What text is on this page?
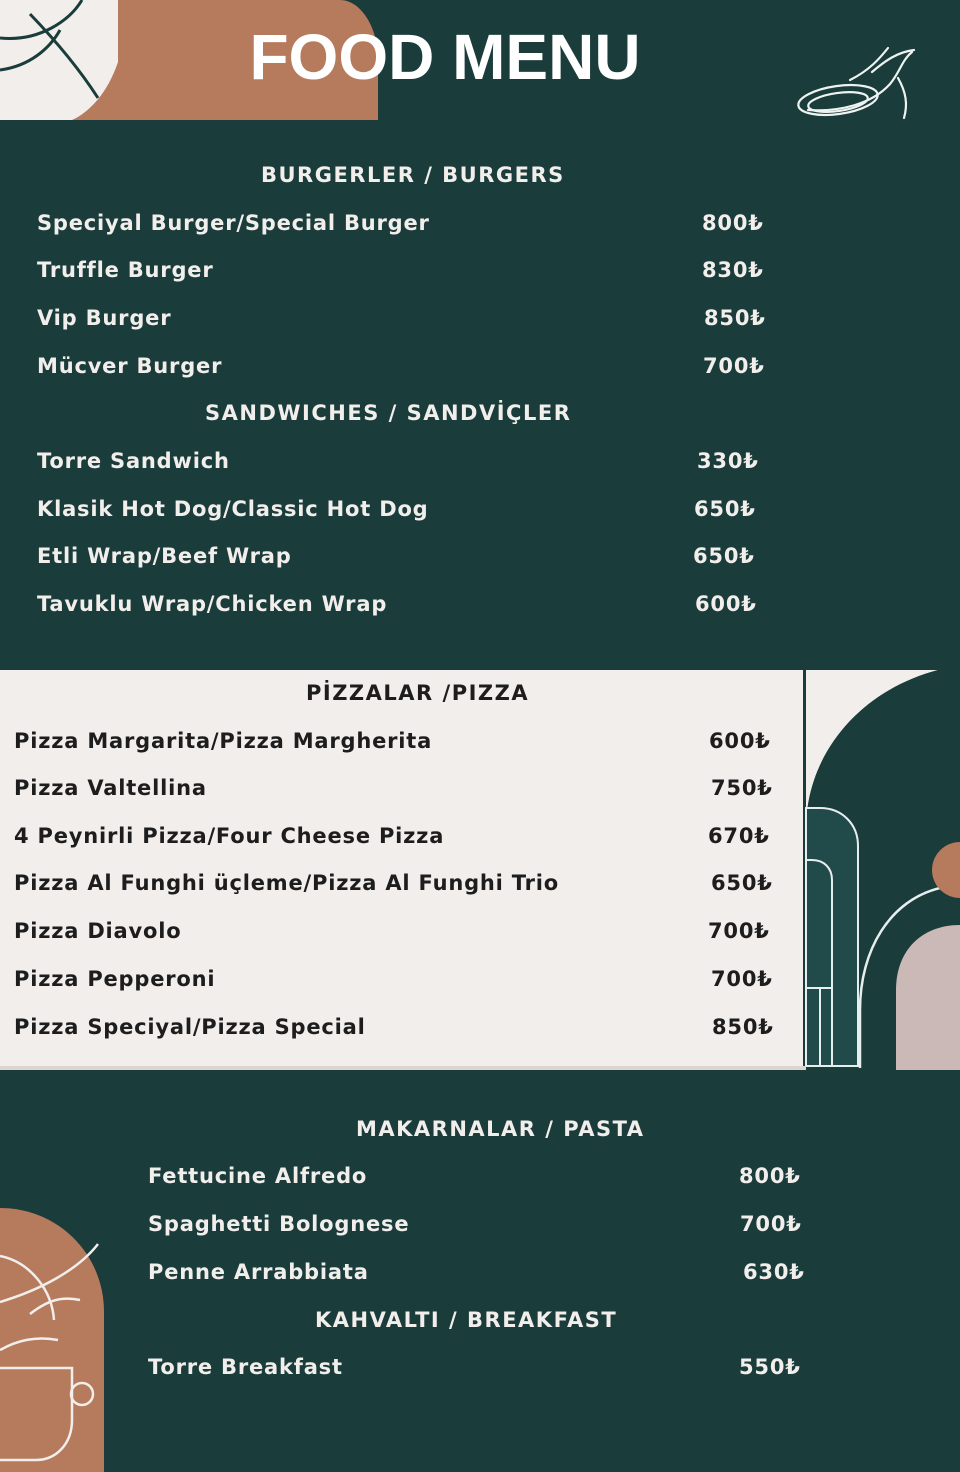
FOOD MENU
BURGERLER / BURGERS
Speciyal Burger/Special Burger	800₺
Truffle Burger	830₺
Vip Burger	850₺
Mücver Burger	700₺
SANDWICHES / SANDVİÇLER
Torre Sandwich	330₺
Klasik Hot Dog/Classic Hot Dog	650₺
Etli Wrap/Beef Wrap	650₺
Tavuklu Wrap/Chicken Wrap	600₺
PİZZALAR /PIZZA
Pizza Margarita/Pizza Margherita	600₺
Pizza Valtellina	750₺
4 Peynirli Pizza/Four Cheese Pizza	670₺
Pizza Al Funghi üçleme/Pizza Al Funghi Trio	650₺
Pizza Diavolo	700₺
Pizza Pepperoni	700₺
Pizza Speciyal/Pizza Special	850₺
MAKARNALAR / PASTA
Fettucine Alfredo	800₺
Spaghetti Bolognese	700₺
Penne Arrabbiata	630₺
KAHVALTI / BREAKFAST
Torre Breakfast	550₺
